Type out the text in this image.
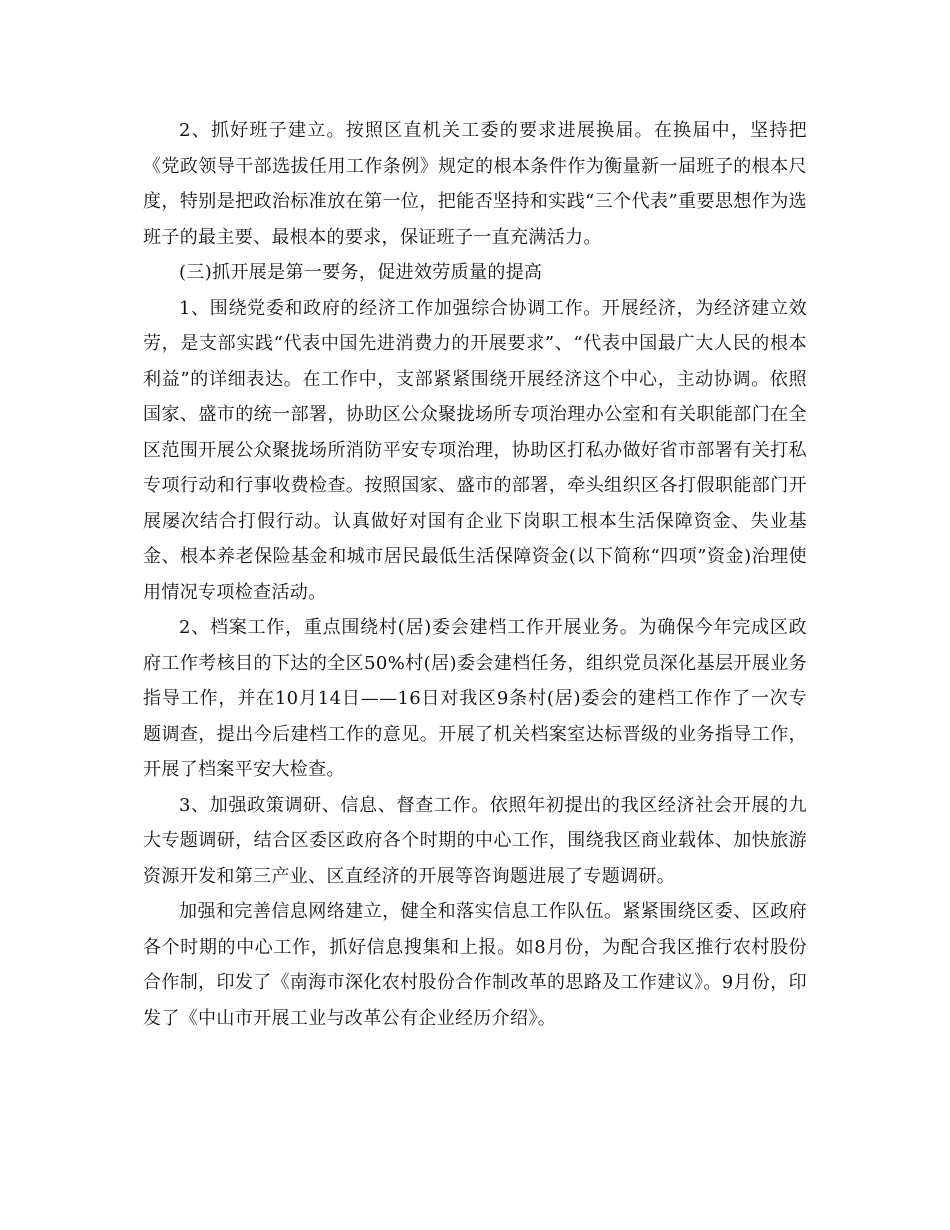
2、抓好班子建立。按照区直机关工委的要求进展换届。在换届中，坚持把《党政领导干部选拔任用工作条例》规定的根本条件作为衡量新一届班子的根本尺度，特别是把政治标准放在第一位，把能否坚持和实践“三个代表”重要思想作为选班子的最主要、最根本的要求，保证班子一直充满活力。

(三)抓开展是第一要务，促进效劳质量的提高

1、围绕党委和政府的经济工作加强综合协调工作。开展经济，为经济建立效劳，是支部实践“代表中国先进消费力的开展要求”、“代表中国最广大人民的根本利益”的详细表达。在工作中，支部紧紧围绕开展经济这个中心，主动协调。依照国家、盛市的统一部署，协助区公众聚拢场所专项治理办公室和有关职能部门在全区范围开展公众聚拢场所消防平安专项治理，协助区打私办做好省市部署有关打私专项行动和行事收费检查。按照国家、盛市的部署，牵头组织区各打假职能部门开展屡次结合打假行动。认真做好对国有企业下岗职工根本生活保障资金、失业基金、根本养老保险基金和城市居民最低生活保障资金(以下简称“四项”资金)治理使用情况专项检查活动。

2、档案工作，重点围绕村(居)委会建档工作开展业务。为确保今年完成区政府工作考核目的下达的全区50%村(居)委会建档任务，组织党员深化基层开展业务指导工作，并在10月14日——16日对我区9条村(居)委会的建档工作作了一次专题调查，提出今后建档工作的意见。开展了机关档案室达标晋级的业务指导工作，开展了档案平安大检查。

3、加强政策调研、信息、督查工作。依照年初提出的我区经济社会开展的九大专题调研，结合区委区政府各个时期的中心工作，围绕我区商业载体、加快旅游资源开发和第三产业、区直经济的开展等咨询题进展了专题调研。

加强和完善信息网络建立，健全和落实信息工作队伍。紧紧围绕区委、区政府各个时期的中心工作，抓好信息搜集和上报。如8月份，为配合我区推行农村股份合作制，印发了《南海市深化农村股份合作制改革的思路及工作建议》。9月份，印发了《中山市开展工业与改革公有企业经历介绍》。
